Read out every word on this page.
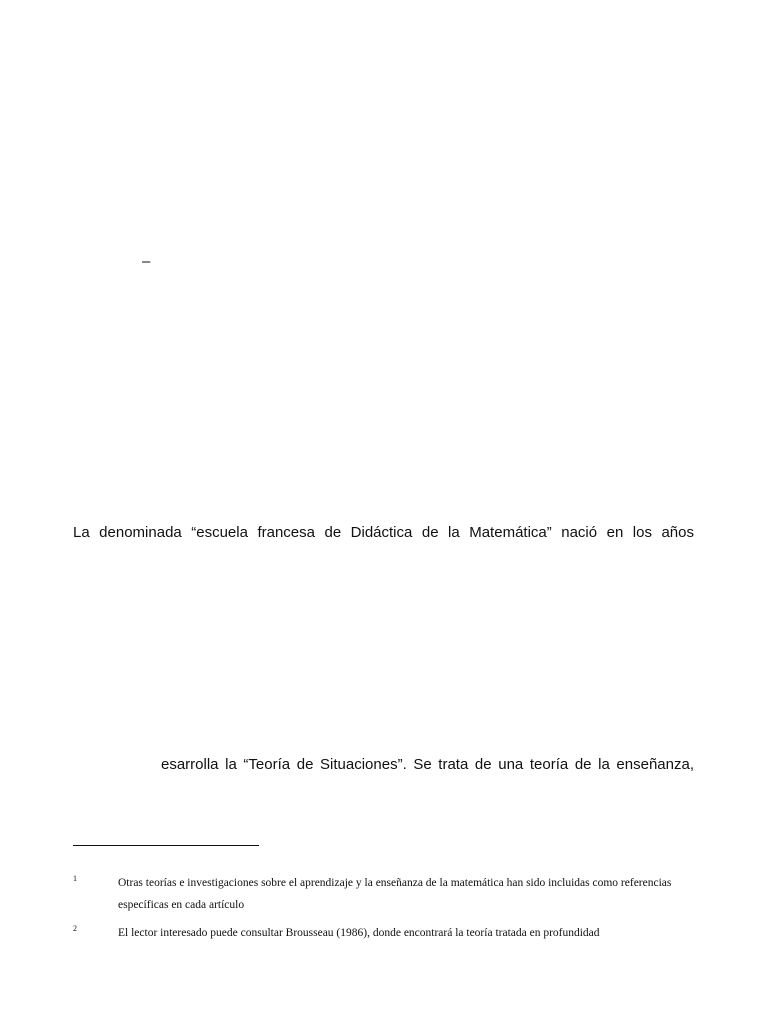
–
La denominada “escuela francesa de Didáctica de la Matemática” nació en los años
esarrolla la “Teoría de Situaciones”. Se trata de una teoría de la enseñanza,
1	Otras teorías e investigaciones sobre el aprendizaje y la enseñanza de la matemática han sido incluidas como referencias específicas en cada artículo
2	El lector interesado puede consultar Brousseau (1986), donde encontrará la teoría tratada en profundidad
